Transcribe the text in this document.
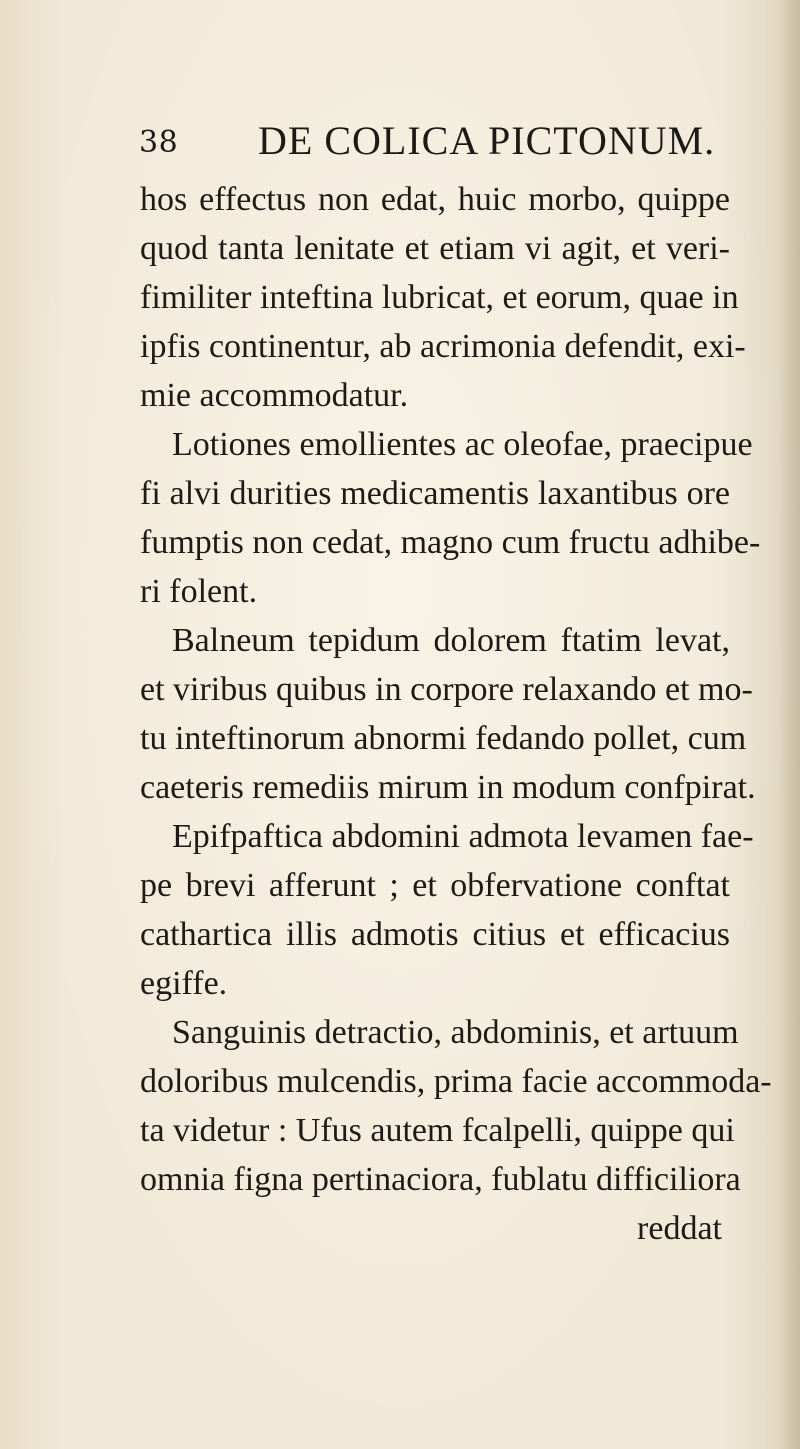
38 DE COLICA PICTONUM.
hos effectus non edat, huic morbo, quippe
quod tanta lenitate et etiam vi agit, et veri-
fimiliter inteftina lubricat, et eorum, quae in
ipfis continentur, ab acrimonia defendit, exi-
mie accommodatur.
Lotiones emollientes ac oleofae, praecipue
fi alvi durities medicamentis laxantibus ore
fumptis non cedat, magno cum fructu adhibe-
ri folent.
Balneum tepidum dolorem ftatim levat,
et viribus quibus in corpore relaxando et mo-
tu inteftinorum abnormi fedando pollet, cum
caeteris remediis mirum in modum confpirat.
Epifpaftica abdomini admota levamen fae-
pe brevi afferunt ; et obfervatione conftat
cathartica illis admotis citius et efficacius
egiffe.
Sanguinis detractio, abdominis, et artuum
doloribus mulcendis, prima facie accommoda-
ta videtur : Ufus autem fcalpelli, quippe qui
omnia figna pertinaciora, fublatu difficiliora
reddat
